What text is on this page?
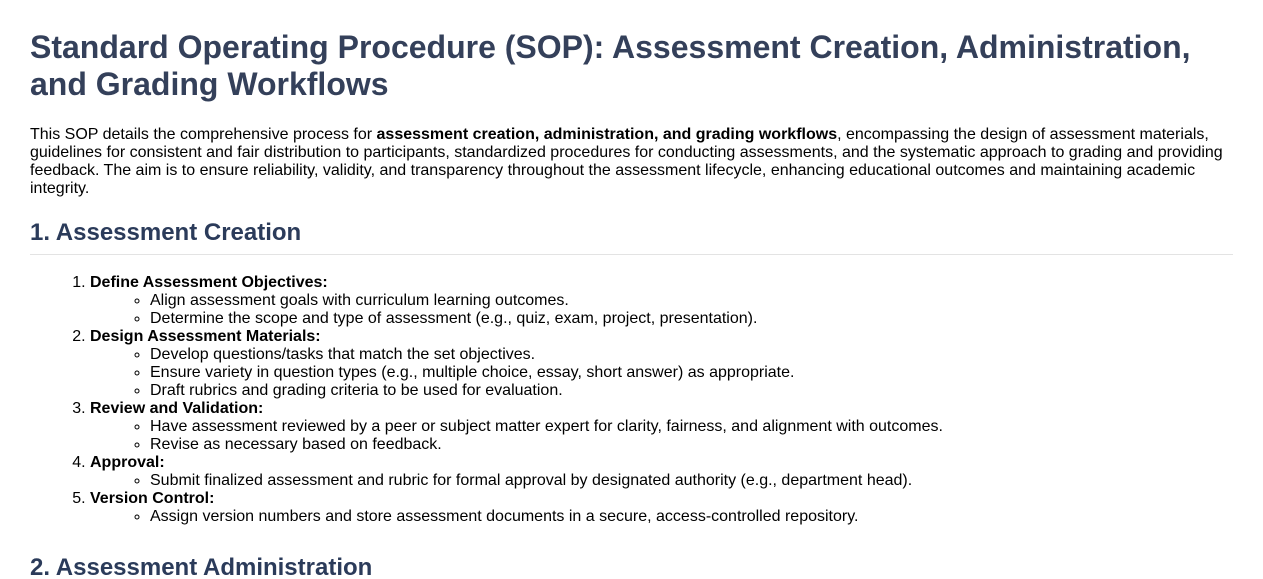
Standard Operating Procedure (SOP): Assessment Creation, Administration, and Grading Workflows

This SOP details the comprehensive process for assessment creation, administration, and grading workflows, encompassing the design of assessment materials, guidelines for consistent and fair distribution to participants, standardized procedures for conducting assessments, and the systematic approach to grading and providing feedback. The aim is to ensure reliability, validity, and transparency throughout the assessment lifecycle, enhancing educational outcomes and maintaining academic integrity.

1. Assessment Creation
1. Define Assessment Objectives:
◦ Align assessment goals with curriculum learning outcomes.
◦ Determine the scope and type of assessment (e.g., quiz, exam, project, presentation).
2. Design Assessment Materials:
◦ Develop questions/tasks that match the set objectives.
◦ Ensure variety in question types (e.g., multiple choice, essay, short answer) as appropriate.
◦ Draft rubrics and grading criteria to be used for evaluation.
3. Review and Validation:
◦ Have assessment reviewed by a peer or subject matter expert for clarity, fairness, and alignment with outcomes.
◦ Revise as necessary based on feedback.
4. Approval:
◦ Submit finalized assessment and rubric for formal approval by designated authority (e.g., department head).
5. Version Control:
◦ Assign version numbers and store assessment documents in a secure, access-controlled repository.
2. Assessment Administration
